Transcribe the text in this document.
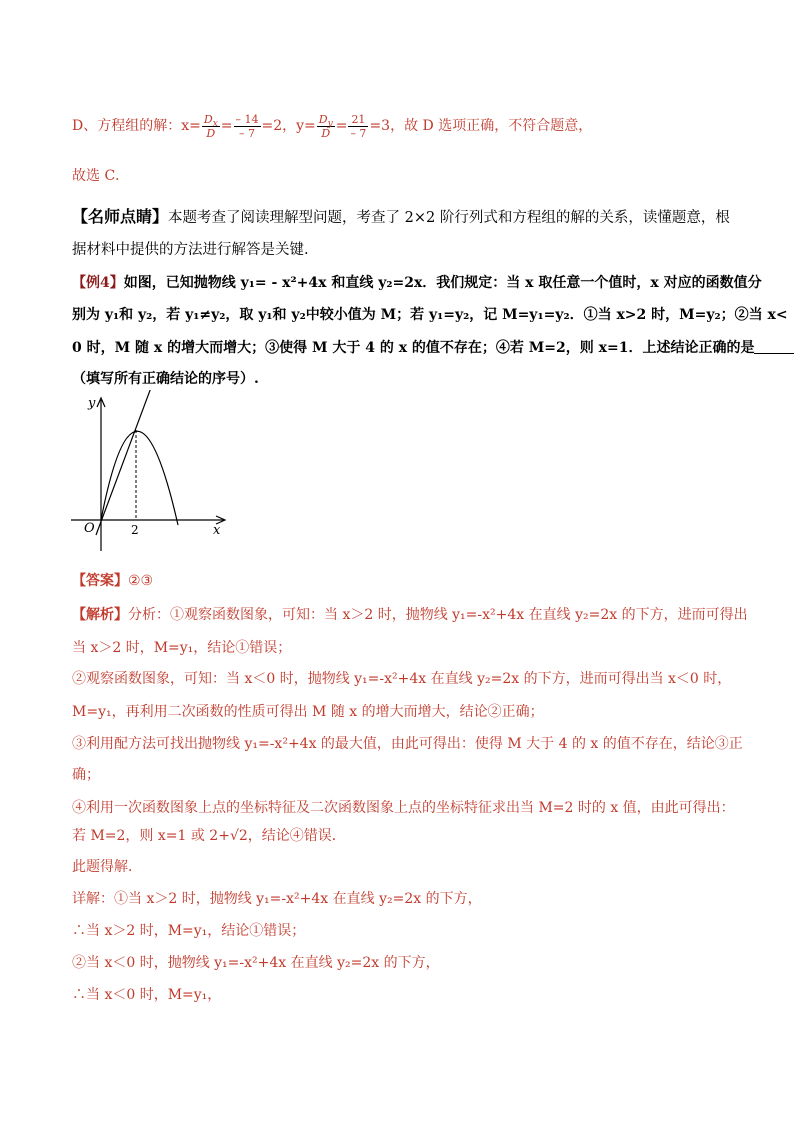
D、方程组的解：$x= \frac{D_x}{D} = \frac{- 14}{- 7} =2$，$y= \frac{D_y}{D} = \frac{21}{- 7} =3$，故 D 选项正确，不符合题意，
故选 C．
【名师点睛】本题考查了阅读理解型问题，考查了 2×2 阶行列式和方程组的解的关系，读懂题意，根
据材料中提供的方法进行解答是关键.
【例4】如图，已知抛物线 y₁= - x²+4x 和直线 y₂=2x．我们规定：当 x 取任意一个值时，x 对应的函数值分
别为 y₁和 y₂，若 y₁≠y₂，取 y₁和 y₂中较小值为 M；若 y₁=y₂，记 M=y₁=y₂．①当 x>2 时，M=y₂；②当 x<
0 时，M 随 x 的增大而增大；③使得 M 大于 4 的 x 的值不存在；④若 M=2，则 x=1．上述结论正确的是
（填写所有正确结论的序号）.
y
x
O	2
【答案】②③
【解析】分析：①观察函数图象，可知：当 x＞2 时，抛物线 y₁=-x²+4x 在直线 y₂=2x 的下方，进而可得出
当 x＞2 时，M=y₁，结论①错误；
②观察函数图象，可知：当 x＜0 时，抛物线 y₁=-x²+4x 在直线 y₂=2x 的下方，进而可得出当 x＜0 时，
M=y₁，再利用二次函数的性质可得出 M 随 x 的增大而增大，结论②正确；
③利用配方法可找出抛物线 y₁=-x²+4x 的最大值，由此可得出：使得 M 大于 4 的 x 的值不存在，结论③正
确；
④利用一次函数图象上点的坐标特征及二次函数图象上点的坐标特征求出当 M=2 时的 x 值，由此可得出：
若 M=2，则 x=1 或 2+√2，结论④错误．
此题得解．
详解：①当 x＞2 时，抛物线 y₁=-x²+4x 在直线 y₂=2x 的下方，
∴当 x＞2 时，M=y₁，结论①错误；
②当 x＜0 时，抛物线 y₁=-x²+4x 在直线 y₂=2x 的下方，
∴当 x＜0 时，M=y₁，
